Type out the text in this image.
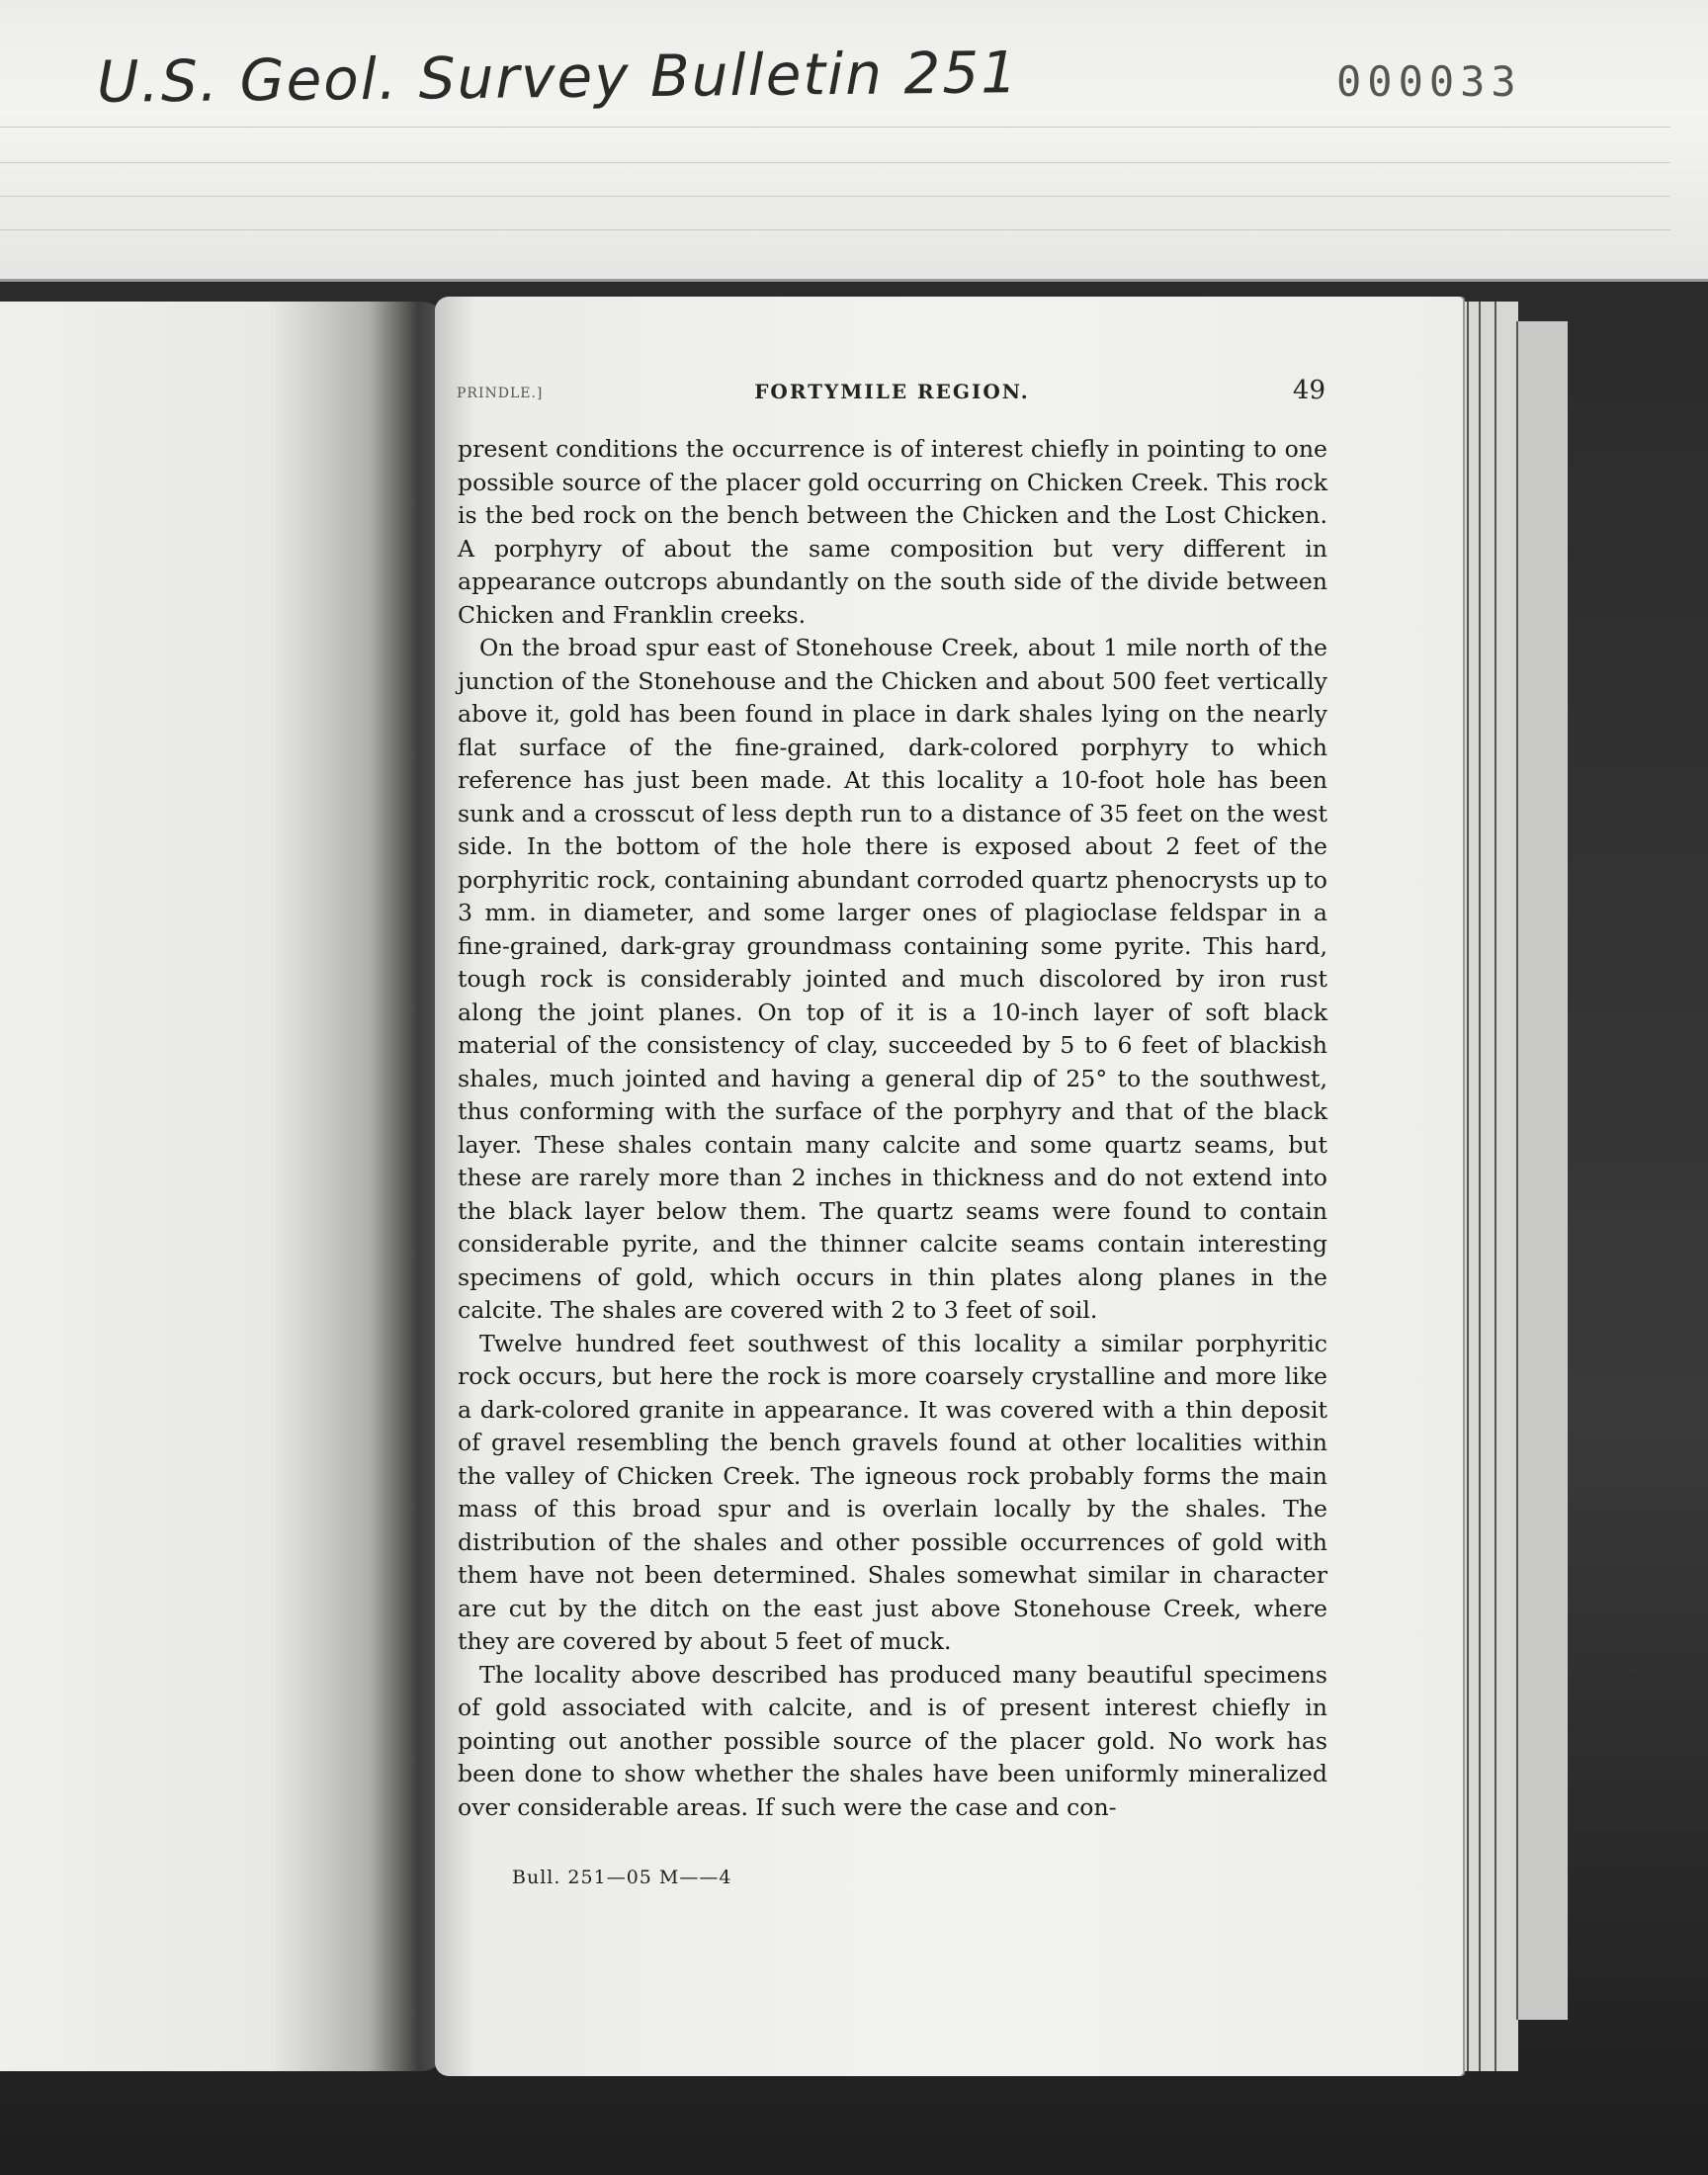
U.S. Geol. Survey Bulletin 251	000033
PRINDLE.]	FORTYMILE REGION.	49

present conditions the occurrence is of interest chiefly in pointing to one possible source of the placer gold occurring on Chicken Creek. This rock is the bed rock on the bench between the Chicken and the Lost Chicken. A porphyry of about the same composition but very different in appearance outcrops abundantly on the south side of the divide between Chicken and Franklin creeks.

On the broad spur east of Stonehouse Creek, about 1 mile north of the junction of the Stonehouse and the Chicken and about 500 feet vertically above it, gold has been found in place in dark shales lying on the nearly flat surface of the fine-grained, dark-colored porphyry to which reference has just been made. At this locality a 10-foot hole has been sunk and a crosscut of less depth run to a distance of 35 feet on the west side. In the bottom of the hole there is exposed about 2 feet of the porphyritic rock, containing abundant corroded quartz phenocrysts up to 3 mm. in diameter, and some larger ones of plagioclase feldspar in a fine-grained, dark-gray groundmass containing some pyrite. This hard, tough rock is considerably jointed and much discolored by iron rust along the joint planes. On top of it is a 10-inch layer of soft black material of the consistency of clay, succeeded by 5 to 6 feet of blackish shales, much jointed and having a general dip of 25° to the southwest, thus conforming with the surface of the porphyry and that of the black layer. These shales contain many calcite and some quartz seams, but these are rarely more than 2 inches in thickness and do not extend into the black layer below them. The quartz seams were found to contain considerable pyrite, and the thinner calcite seams contain interesting specimens of gold, which occurs in thin plates along planes in the calcite. The shales are covered with 2 to 3 feet of soil.

Twelve hundred feet southwest of this locality a similar porphyritic rock occurs, but here the rock is more coarsely crystalline and more like a dark-colored granite in appearance. It was covered with a thin deposit of gravel resembling the bench gravels found at other localities within the valley of Chicken Creek. The igneous rock probably forms the main mass of this broad spur and is overlain locally by the shales. The distribution of the shales and other possible occurrences of gold with them have not been determined. Shales somewhat similar in character are cut by the ditch on the east just above Stonehouse Creek, where they are covered by about 5 feet of muck.

The locality above described has produced many beautiful specimens of gold associated with calcite, and is of present interest chiefly in pointing out another possible source of the placer gold. No work has been done to show whether the shales have been uniformly mineralized over considerable areas. If such were the case and con-

Bull. 251—05 M——4
